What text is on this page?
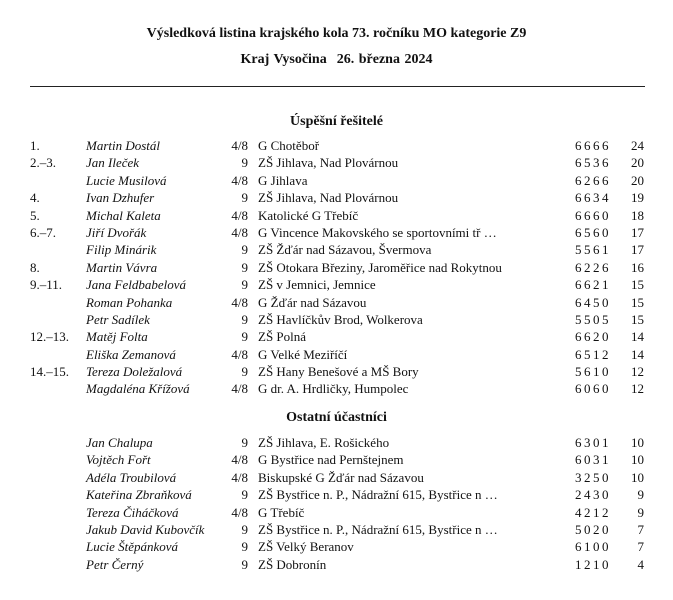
Výsledková listina krajského kola 73. ročníku MO kategorie Z9
Kraj Vysočina 26. března 2024
Úspěšní řešitelé
1.	Martin Dostál	4/8 G Chotěboř	6666	24
2.–3. Jan Ileček	9 ZŠ Jihlava, Nad Plovárnou	6536	20
Lucie Musilová	4/8 G Jihlava	6266	20
4.	Ivan Dzhufer	9 ZŠ Jihlava, Nad Plovárnou	6634	19
5.	Michal Kaleta	4/8 Katolické G Třebíč	6660	18
6.–7. Jiří Dvořák	4/8 G Vincence Makovského se sportovními tř …	6560	17
Filip Minárik	9 ZŠ Žďár nad Sázavou, Švermova	5561	17
8.	Martin Vávra	9 ZŠ Otokara Březiny, Jaroměřice nad Rokytnou	6226	16
9.–11. Jana Feldbabelová	9 ZŠ v Jemnici, Jemnice	6621	15
Roman Pohanka	4/8 G Žďár nad Sázavou	6450	15
Petr Sadílek	9 ZŠ Havlíčkův Brod, Wolkerova	5505	15
12.–13. Matěj Folta	9 ZŠ Polná	6620	14
Eliška Zemanová	4/8 G Velké Meziříčí	6512	14
14.–15. Tereza Doležalová	9 ZŠ Hany Benešové a MŠ Bory	5610	12
Magdaléna Křížová	4/8 G dr. A. Hrdličky, Humpolec	6060	12
Ostatní účastníci
Jan Chalupa	9 ZŠ Jihlava, E. Rošického	6301	10
Vojtěch Fořt	4/8 G Bystřice nad Pernštejnem	6031	10
Adéla Troubilová	4/8 Biskupské G Žďár nad Sázavou	3250	10
Kateřina Zbraňková	9 ZŠ Bystřice n. P., Nádražní 615, Bystřice n …	2430	9
Tereza Čiháčková	4/8 G Třebíč	4212	9
Jakub David Kubovčík	9 ZŠ Bystřice n. P., Nádražní 615, Bystřice n …	5020	7
Lucie Štěpánková	9 ZŠ Velký Beranov	6100	7
Petr Černý	9 ZŠ Dobronín	1210	4
